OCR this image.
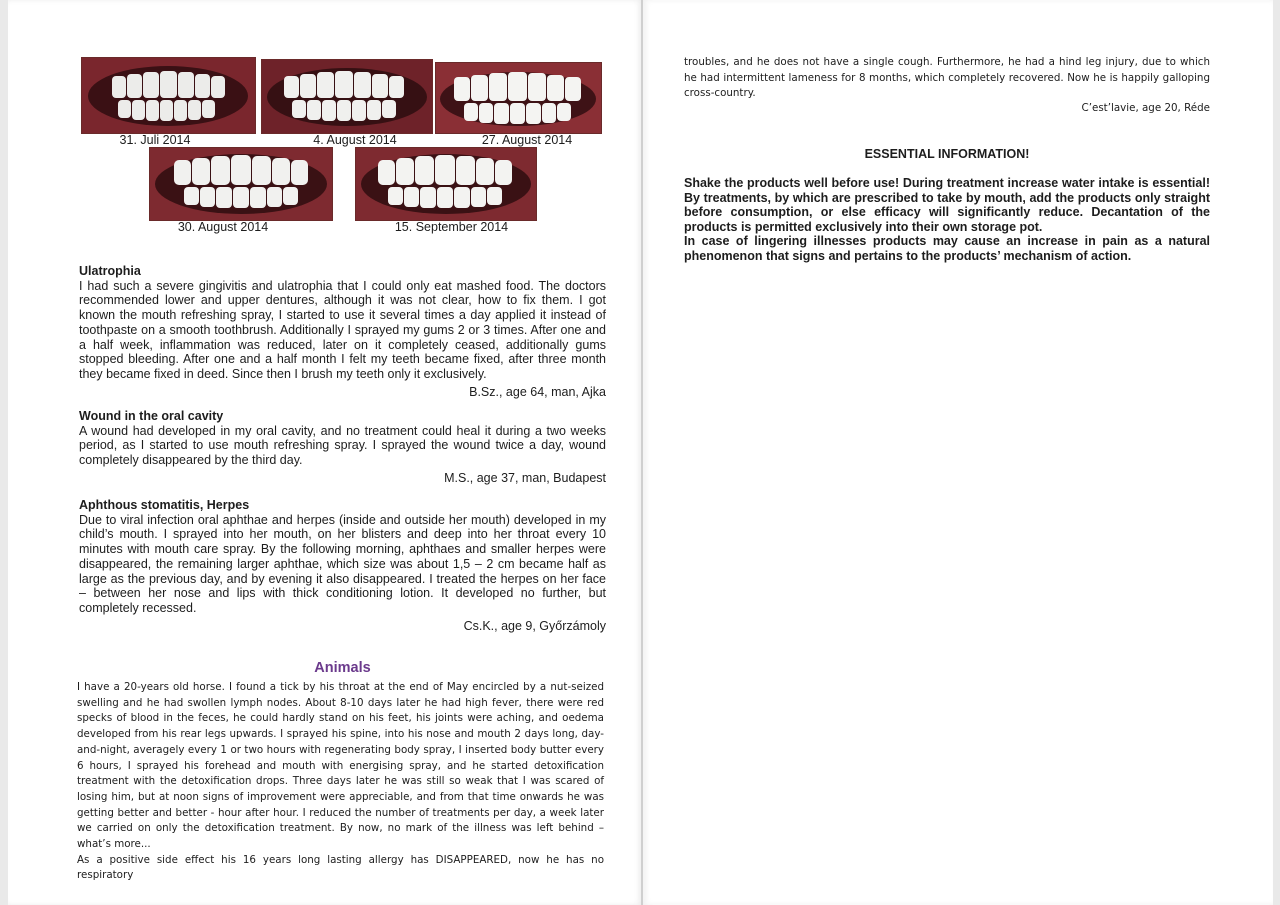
31. Juli 2014	4. August 2014	27. August 2014
30. August 2014	15. September 2014
Ulatrophia

I had such a severe gingivitis and ulatrophia that I could only eat mashed food. The doctors recommended lower and upper dentures, although it was not clear, how to fix them. I got known the mouth refreshing spray, I started to use it several times a day applied it instead of toothpaste on a smooth toothbrush. Additionally I sprayed my gums 2 or 3 times. After one and a half week, inflammation was reduced, later on it completely ceased, additionally gums stopped bleeding. After one and a half month I felt my teeth became fixed, after three month they became fixed in deed. Since then I brush my teeth only it exclusively.

B.Sz., age 64, man, Ajka
Wound in the oral cavity

A wound had developed in my oral cavity, and no treatment could heal it during a two weeks period, as I started to use mouth refreshing spray. I sprayed the wound twice a day, wound completely disappeared by the third day.

M.S., age 37, man, Budapest
Aphthous stomatitis, Herpes

Due to viral infection oral aphthae and herpes (inside and outside her mouth) developed in my child’s mouth. I sprayed into her mouth, on her blisters and deep into her throat every 10 minutes with mouth care spray. By the following morning, aphthaes and smaller herpes were disappeared, the remaining larger aphthae, which size was about 1,5 – 2 cm became half as large as the previous day, and by evening it also disappeared. I treated the herpes on her face – between her nose and lips with thick conditioning lotion. It developed no further, but completely recessed.

Cs.K., age 9, Győrzámoly
Animals

I have a 20-years old horse. I found a tick by his throat at the end of May encircled by a nut-seized swelling and he had swollen lymph nodes. About 8-10 days later he had high fever, there were red specks of blood in the feces, he could hardly stand on his feet, his joints were aching, and oedema developed from his rear legs upwards. I sprayed his spine, into his nose and mouth 2 days long, day-and-night, averagely every 1 or two hours with regenerating body spray, I inserted body butter every 6 hours, I sprayed his forehead and mouth with energising spray, and he started detoxification treatment with the detoxification drops. Three days later he was still so weak that I was scared of losing him, but at noon signs of improvement were appreciable, and from that time onwards he was getting better and better - hour after hour. I reduced the number of treatments per day, a week later we carried on only the detoxification treatment. By now, no mark of the illness was left behind – what’s more...

As a positive side effect his 16 years long lasting allergy has DISAPPEARED, now he has no respiratory

troubles, and he does not have a single cough. Furthermore, he had a hind leg injury, due to which he had intermittent lameness for 8 months, which completely recovered. Now he is happily galloping cross-country.
C’est’lavie, age 20, Réde
ESSENTIAL INFORMATION!

Shake the products well before use! During treatment increase water intake is essential! By treatments, by which are prescribed to take by mouth, add the products only straight before consumption, or else efficacy will significantly reduce. Decantation of the products is permitted exclusively into their own storage pot.

In case of lingering illnesses products may cause an increase in pain as a natural phenomenon that signs and pertains to the products’ mechanism of action.
